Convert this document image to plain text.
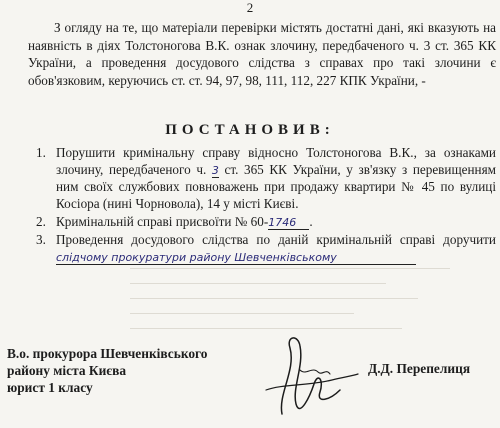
2
З огляду на те, що матеріали перевірки містять достатні дані, які вказують на наявність в діях Толстоногова В.К. ознак злочину, передбаченого ч. 3 ст. 365 КК України, а проведення досудового слідства з справах про такі злочини є обов'язковим, керуючись ст. ст. 94, 97, 98, 111, 112, 227 КПК України, -
ПОСТАНОВИВ:
1. Порушити кримінальну справу відносно Толстоногова В.К., за ознаками злочину, передбаченого ч. 3 ст. 365 КК України, у зв'язку з перевищенням ним своїх службових повноважень при продажу квартири № 45 по вулиці Косіора (нині Чорновола), 14 у місті Києві.
2. Кримінальній справі присвоїти № 60-1746 .
3. Проведення досудового слідства по даній кримінальній справі доручити слідчому прокуратури району Шевченківському
В.о. прокурора Шевченківського
району міста Києва
юрист 1 класу
Д.Д. Перепелиця
